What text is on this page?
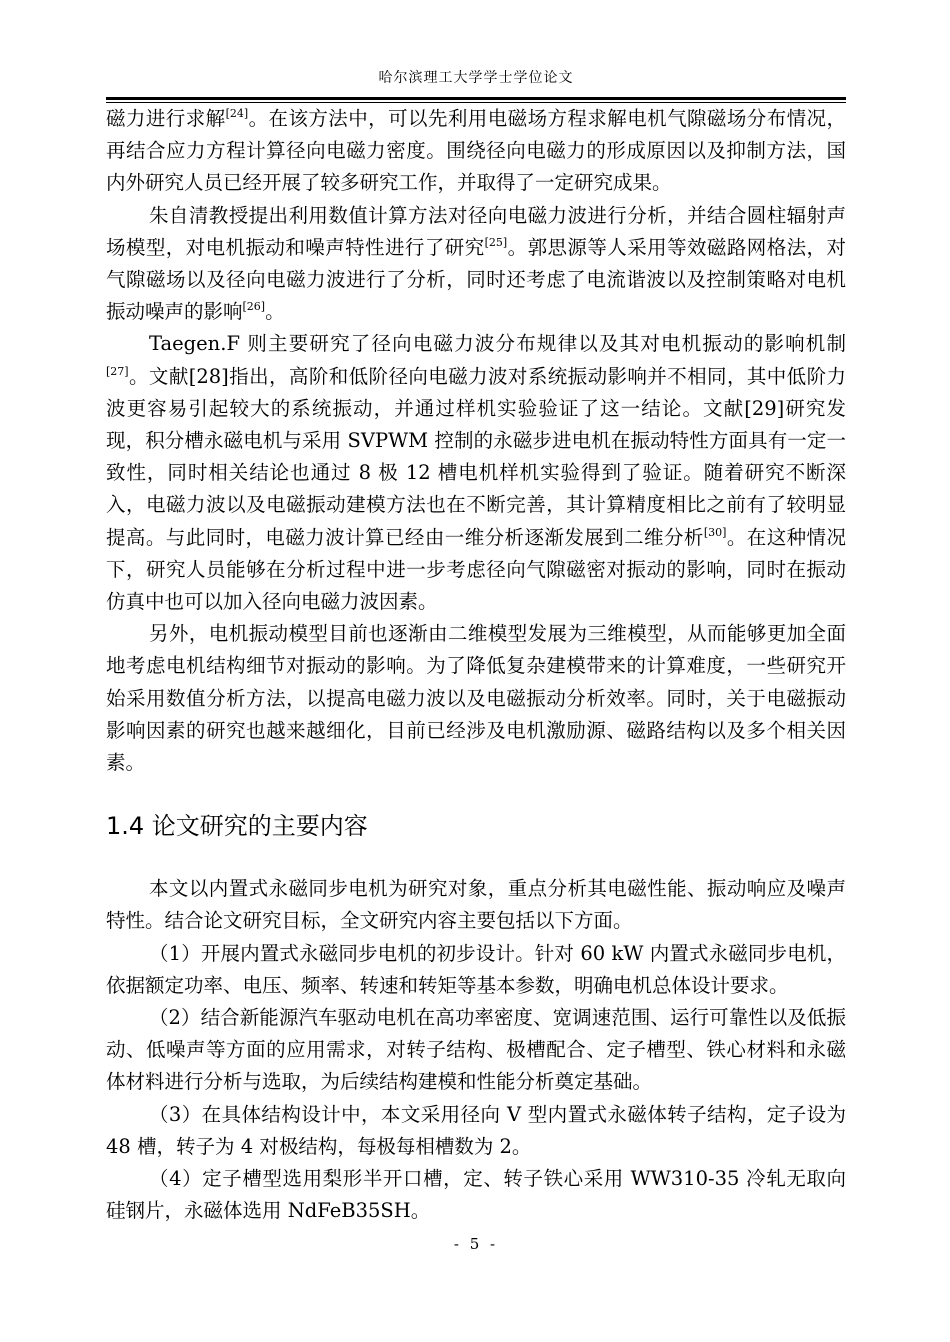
哈尔滨理工大学学士学位论文

磁力进行求解[24]。在该方法中，可以先利用电磁场方程求解电机气隙磁场分布情况，再结合应力方程计算径向电磁力密度。围绕径向电磁力的形成原因以及抑制方法，国内外研究人员已经开展了较多研究工作，并取得了一定研究成果。

朱自清教授提出利用数值计算方法对径向电磁力波进行分析，并结合圆柱辐射声场模型，对电机振动和噪声特性进行了研究[25]。郭思源等人采用等效磁路网格法，对气隙磁场以及径向电磁力波进行了分析，同时还考虑了电流谐波以及控制策略对电机振动噪声的影响[26]。

Taegen.F 则主要研究了径向电磁力波分布规律以及其对电机振动的影响机制[27]。文献[28]指出，高阶和低阶径向电磁力波对系统振动影响并不相同，其中低阶力波更容易引起较大的系统振动，并通过样机实验验证了这一结论。文献[29]研究发现，积分槽永磁电机与采用 SVPWM 控制的永磁步进电机在振动特性方面具有一定一致性，同时相关结论也通过 8 极 12 槽电机样机实验得到了验证。随着研究不断深入，电磁力波以及电磁振动建模方法也在不断完善，其计算精度相比之前有了较明显提高。与此同时，电磁力波计算已经由一维分析逐渐发展到二维分析[30]。在这种情况下，研究人员能够在分析过程中进一步考虑径向气隙磁密对振动的影响，同时在振动仿真中也可以加入径向电磁力波因素。

另外，电机振动模型目前也逐渐由二维模型发展为三维模型，从而能够更加全面地考虑电机结构细节对振动的影响。为了降低复杂建模带来的计算难度，一些研究开始采用数值分析方法，以提高电磁力波以及电磁振动分析效率。同时，关于电磁振动影响因素的研究也越来越细化，目前已经涉及电机激励源、磁路结构以及多个相关因素。

1.4 论文研究的主要内容

本文以内置式永磁同步电机为研究对象，重点分析其电磁性能、振动响应及噪声特性。结合论文研究目标，全文研究内容主要包括以下方面。

（1）开展内置式永磁同步电机的初步设计。针对 60 kW 内置式永磁同步电机，依据额定功率、电压、频率、转速和转矩等基本参数，明确电机总体设计要求。

（2）结合新能源汽车驱动电机在高功率密度、宽调速范围、运行可靠性以及低振动、低噪声等方面的应用需求，对转子结构、极槽配合、定子槽型、铁心材料和永磁体材料进行分析与选取，为后续结构建模和性能分析奠定基础。

（3）在具体结构设计中，本文采用径向 V 型内置式永磁体转子结构，定子设为 48 槽，转子为 4 对极结构，每极每相槽数为 2。

（4）定子槽型选用梨形半开口槽，定、转子铁心采用 WW310-35 冷轧无取向硅钢片，永磁体选用 NdFeB35SH。

- 5 -
